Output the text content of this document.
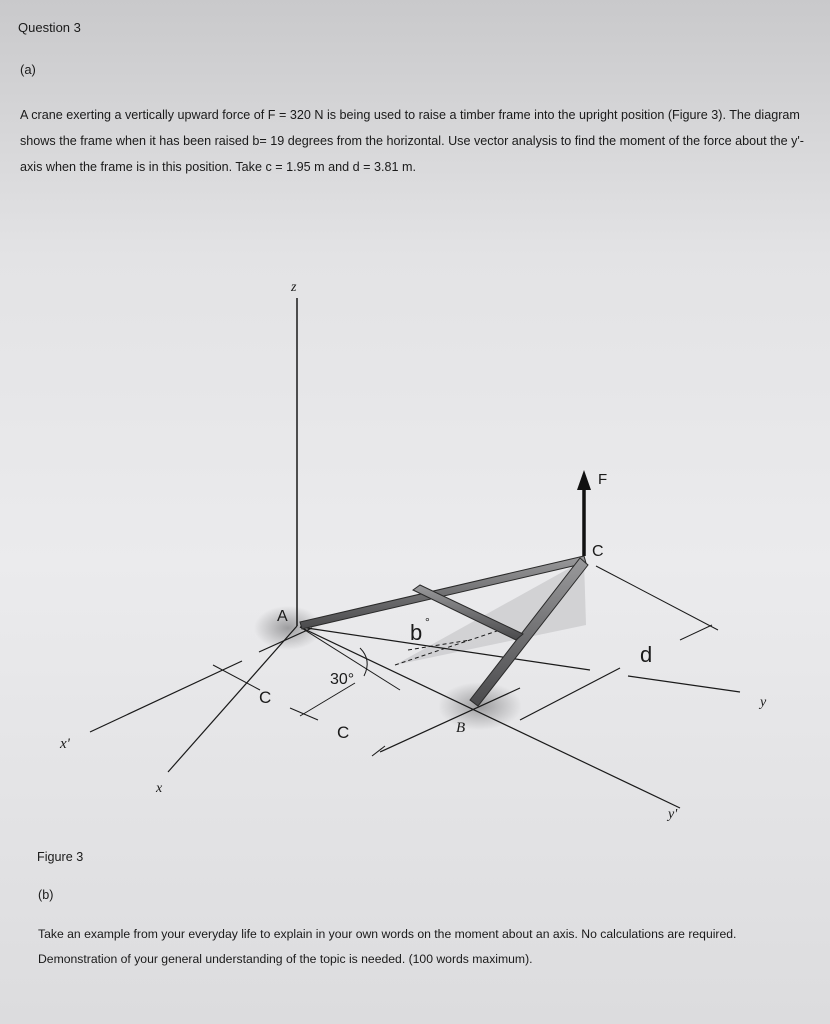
Question 3
(a)
A crane exerting a vertically upward force of F = 320 N is being used to raise a timber frame into the upright position (Figure 3). The diagram shows the frame when it has been raised b= 19 degrees from the horizontal. Use vector analysis to find the moment of the force about the y'-axis when the frame is in this position. Take c = 1.95 m and d = 3.81 m.
z
F
C
A
b °
d
30°
C
C	B
y
x'
x
y'
Figure 3
(b)
Take an example from your everyday life to explain in your own words on the moment about an axis. No calculations are required. Demonstration of your general understanding of the topic is needed. (100 words maximum).
